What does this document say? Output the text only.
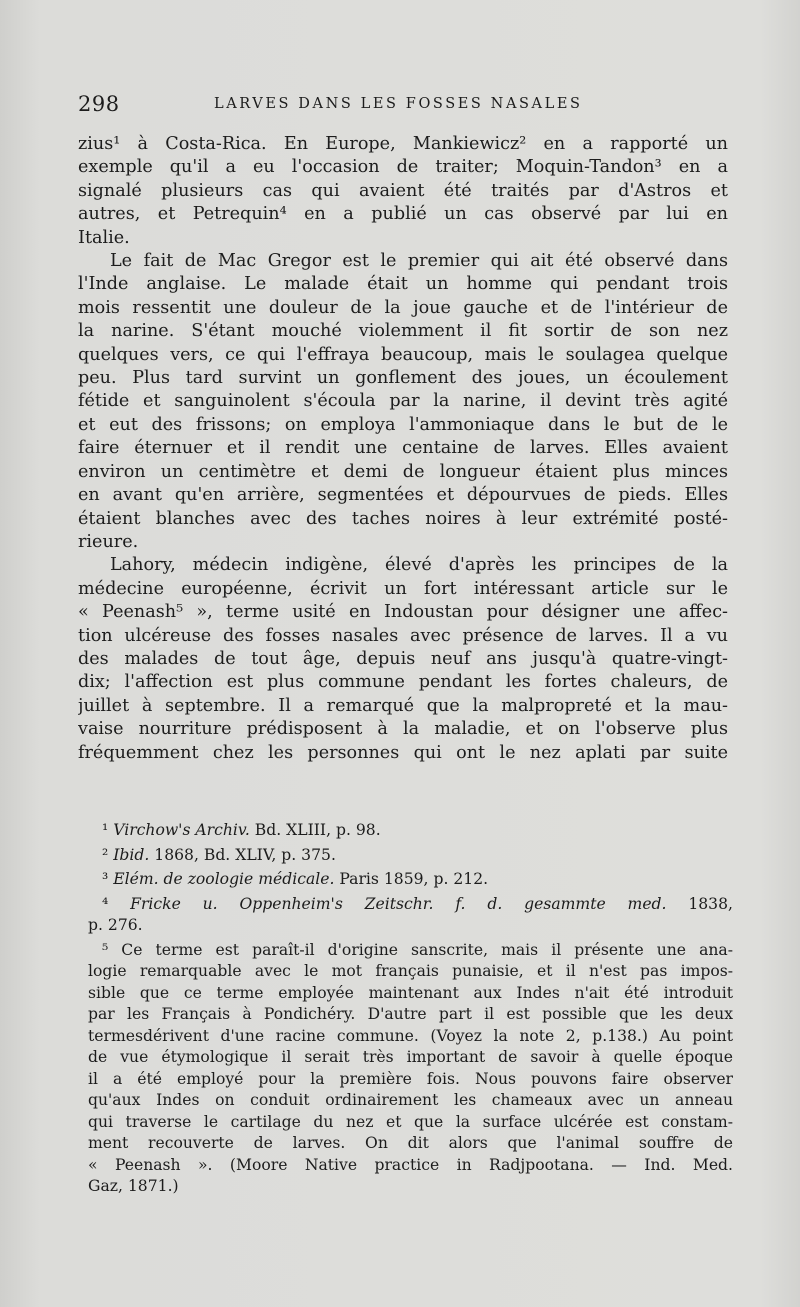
298	LARVES DANS LES FOSSES NASALES

zius¹ à Costa-Rica. En Europe, Mankiewicz² en a rapporté un
exemple qu'il a eu l'occasion de traiter; Moquin-Tandon³ en a
signalé plusieurs cas qui avaient été traités par d'Astros et
autres, et Petrequin⁴ en a publié un cas observé par lui en
Italie.

Le fait de Mac Gregor est le premier qui ait été observé dans
l'Inde anglaise. Le malade était un homme qui pendant trois
mois ressentit une douleur de la joue gauche et de l'intérieur de
la narine. S'étant mouché violemment il fit sortir de son nez
quelques vers, ce qui l'effraya beaucoup, mais le soulagea quelque
peu. Plus tard survint un gonflement des joues, un écoulement
fétide et sanguinolent s'écoula par la narine, il devint très agité
et eut des frissons; on employa l'ammoniaque dans le but de le
faire éternuer et il rendit une centaine de larves. Elles avaient
environ un centimètre et demi de longueur étaient plus minces
en avant qu'en arrière, segmentées et dépourvues de pieds. Elles
étaient blanches avec des taches noires à leur extrémité posté-
rieure.

Lahory, médecin indigène, élevé d'après les principes de la
médecine européenne, écrivit un fort intéressant article sur le
« Peenash⁵ », terme usité en Indoustan pour désigner une affec-
tion ulcéreuse des fosses nasales avec présence de larves. Il a vu
des malades de tout âge, depuis neuf ans jusqu'à quatre-vingt-
dix; l'affection est plus commune pendant les fortes chaleurs, de
juillet à septembre. Il a remarqué que la malpropreté et la mau-
vaise nourriture prédisposent à la maladie, et on l'observe plus
fréquemment chez les personnes qui ont le nez aplati par suite

¹ Virchow's Archiv. Bd. XLIII, p. 98.
² Ibid. 1868, Bd. XLIV, p. 375.
³ Elém. de zoologie médicale. Paris 1859, p. 212.
⁴ Fricke u. Oppenheim's Zeitschr. f. d. gesammte med. 1838,
p. 276.
⁵ Ce terme est paraît-il d'origine sanscrite, mais il présente une ana-
logie remarquable avec le mot français punaisie, et il n'est pas impos-
sible que ce terme employée maintenant aux Indes n'ait été introduit
par les Français à Pondichéry. D'autre part il est possible que les deux
termesdérivent d'une racine commune. (Voyez la note 2, p.138.) Au point
de vue étymologique il serait très important de savoir à quelle époque
il a été employé pour la première fois. Nous pouvons faire observer
qu'aux Indes on conduit ordinairement les chameaux avec un anneau
qui traverse le cartilage du nez et que la surface ulcérée est constam-
ment recouverte de larves. On dit alors que l'animal souffre de
« Peenash ». (Moore Native practice in Radjpootana. — Ind. Med.
Gaz, 1871.)
